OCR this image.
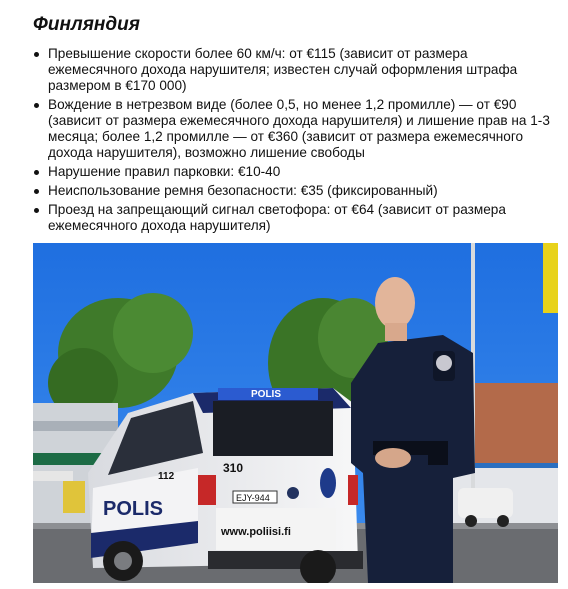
Финляндия
Превышение скорости более 60 км/ч: от €115 (зависит от размера ежемесячного дохода нарушителя; известен случай оформления штрафа размером в €170 000)
Вождение в нетрезвом виде (более 0,5, но менее 1,2 промилле) — от €90 (зависит от размера ежемесячного дохода нарушителя) и лишение прав на 1-3 месяца; более 1,2 промилле — от €360 (зависит от размера ежемесячного дохода нарушителя), возможно лишение свободы
Нарушение правил парковки: €10-40
Неиспользование ремня безопасности: €35 (фиксированный)
Проезд на запрещающий сигнал светофора: от €64 (зависит от размера ежемесячного дохода нарушителя)
POLIS
310
POLIS
112
EJY-944
www.poliisi.fi
